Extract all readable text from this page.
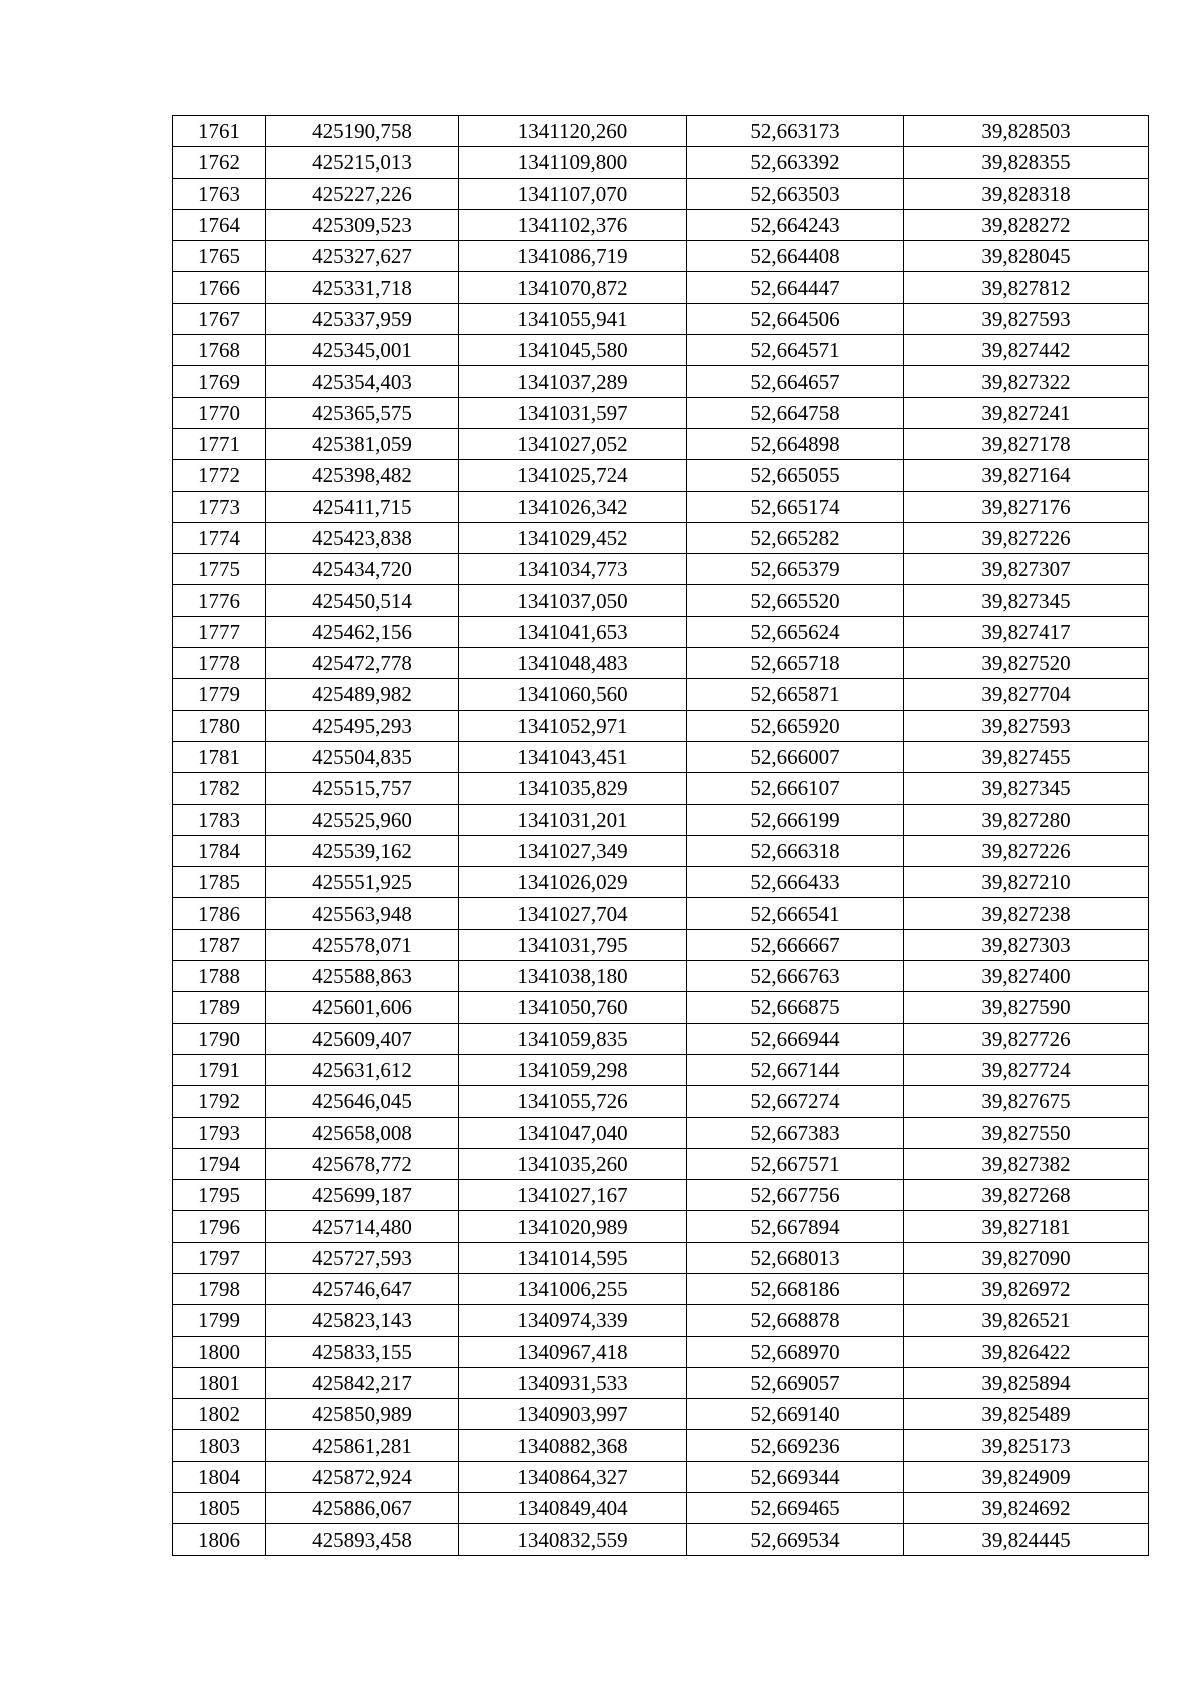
1761	425190,758	1341120,260	52,663173	39,828503
1762	425215,013	1341109,800	52,663392	39,828355
1763	425227,226	1341107,070	52,663503	39,828318
1764	425309,523	1341102,376	52,664243	39,828272
1765	425327,627	1341086,719	52,664408	39,828045
1766	425331,718	1341070,872	52,664447	39,827812
1767	425337,959	1341055,941	52,664506	39,827593
1768	425345,001	1341045,580	52,664571	39,827442
1769	425354,403	1341037,289	52,664657	39,827322
1770	425365,575	1341031,597	52,664758	39,827241
1771	425381,059	1341027,052	52,664898	39,827178
1772	425398,482	1341025,724	52,665055	39,827164
1773	425411,715	1341026,342	52,665174	39,827176
1774	425423,838	1341029,452	52,665282	39,827226
1775	425434,720	1341034,773	52,665379	39,827307
1776	425450,514	1341037,050	52,665520	39,827345
1777	425462,156	1341041,653	52,665624	39,827417
1778	425472,778	1341048,483	52,665718	39,827520
1779	425489,982	1341060,560	52,665871	39,827704
1780	425495,293	1341052,971	52,665920	39,827593
1781	425504,835	1341043,451	52,666007	39,827455
1782	425515,757	1341035,829	52,666107	39,827345
1783	425525,960	1341031,201	52,666199	39,827280
1784	425539,162	1341027,349	52,666318	39,827226
1785	425551,925	1341026,029	52,666433	39,827210
1786	425563,948	1341027,704	52,666541	39,827238
1787	425578,071	1341031,795	52,666667	39,827303
1788	425588,863	1341038,180	52,666763	39,827400
1789	425601,606	1341050,760	52,666875	39,827590
1790	425609,407	1341059,835	52,666944	39,827726
1791	425631,612	1341059,298	52,667144	39,827724
1792	425646,045	1341055,726	52,667274	39,827675
1793	425658,008	1341047,040	52,667383	39,827550
1794	425678,772	1341035,260	52,667571	39,827382
1795	425699,187	1341027,167	52,667756	39,827268
1796	425714,480	1341020,989	52,667894	39,827181
1797	425727,593	1341014,595	52,668013	39,827090
1798	425746,647	1341006,255	52,668186	39,826972
1799	425823,143	1340974,339	52,668878	39,826521
1800	425833,155	1340967,418	52,668970	39,826422
1801	425842,217	1340931,533	52,669057	39,825894
1802	425850,989	1340903,997	52,669140	39,825489
1803	425861,281	1340882,368	52,669236	39,825173
1804	425872,924	1340864,327	52,669344	39,824909
1805	425886,067	1340849,404	52,669465	39,824692
1806	425893,458	1340832,559	52,669534	39,824445
